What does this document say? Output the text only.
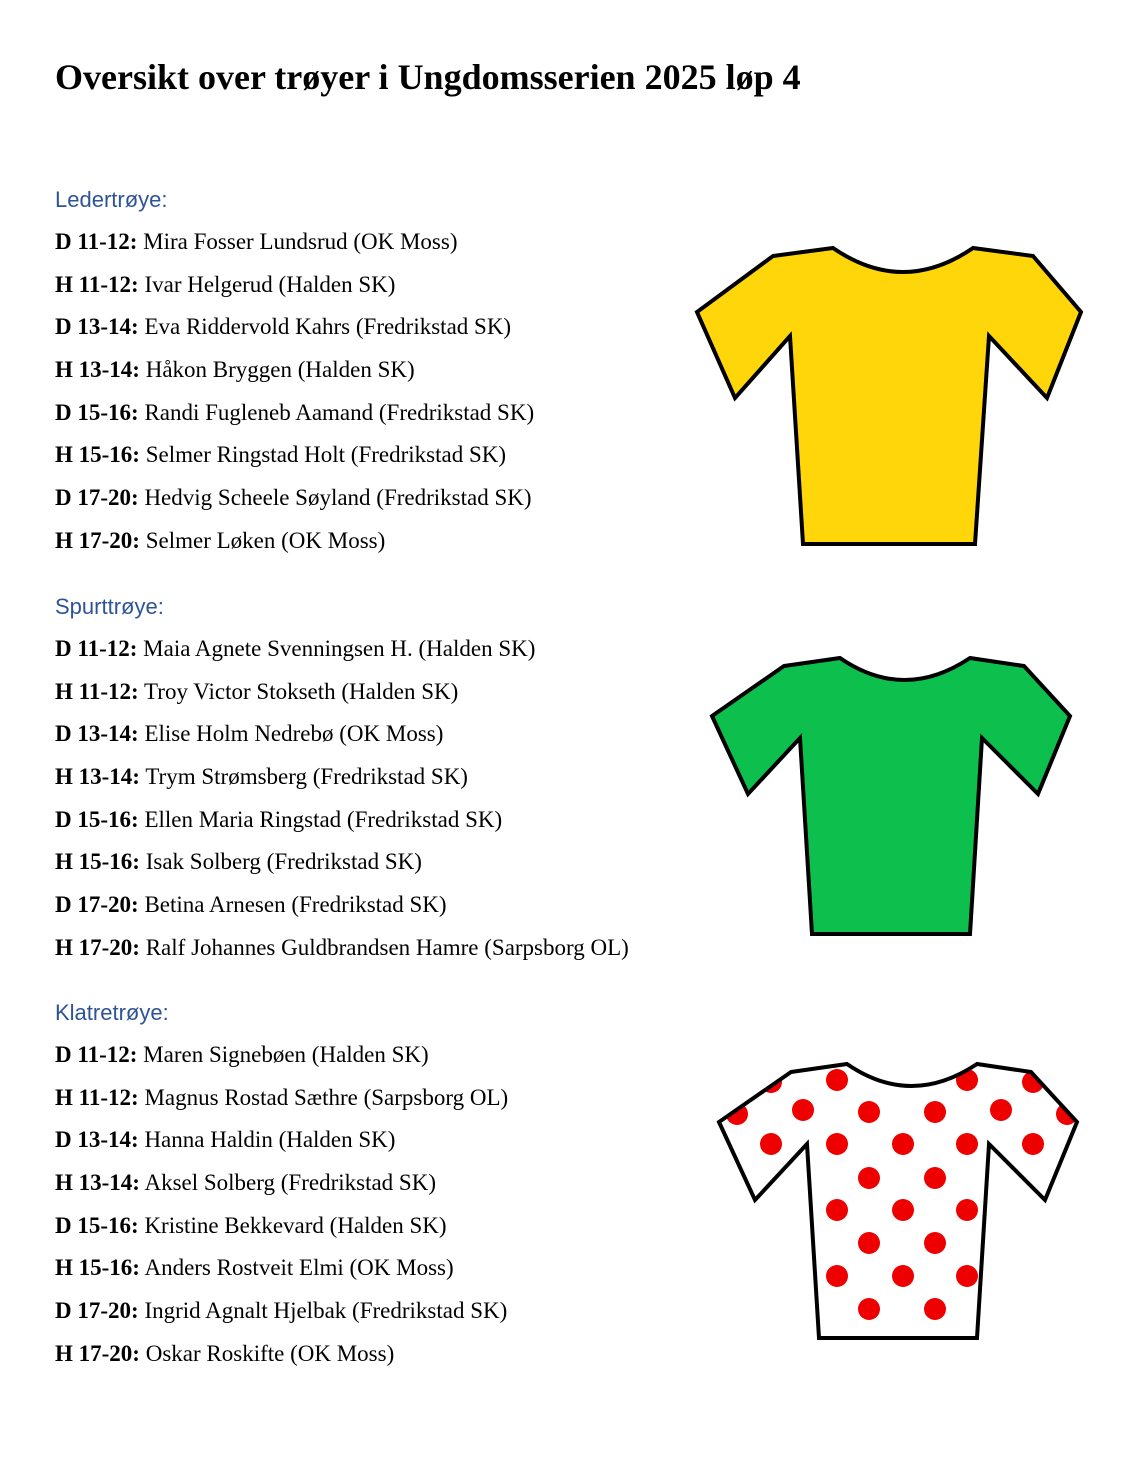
Oversikt over trøyer i Ungdomsserien 2025 løp 4
Ledertrøye:
D 11-12: Mira Fosser Lundsrud (OK Moss)
H 11-12: Ivar Helgerud (Halden SK)
D 13-14: Eva Riddervold Kahrs (Fredrikstad SK)
H 13-14: Håkon Bryggen (Halden SK)
D 15-16: Randi Fugleneb Aamand (Fredrikstad SK)
H 15-16: Selmer Ringstad Holt (Fredrikstad SK)
D 17-20: Hedvig Scheele Søyland (Fredrikstad SK)
H 17-20: Selmer Løken (OK Moss)
Spurttrøye:
D 11-12: Maia Agnete Svenningsen H. (Halden SK)
H 11-12: Troy Victor Stokseth (Halden SK)
D 13-14: Elise Holm Nedrebø (OK Moss)
H 13-14: Trym Strømsberg (Fredrikstad SK)
D 15-16: Ellen Maria Ringstad (Fredrikstad SK)
H 15-16: Isak Solberg (Fredrikstad SK)
D 17-20: Betina Arnesen (Fredrikstad SK)
H 17-20: Ralf Johannes Guldbrandsen Hamre (Sarpsborg OL)
Klatretrøye:
D 11-12: Maren Signebøen (Halden SK)
H 11-12: Magnus Rostad Sæthre (Sarpsborg OL)
D 13-14: Hanna Haldin (Halden SK)
H 13-14: Aksel Solberg (Fredrikstad SK)
D 15-16: Kristine Bekkevard (Halden SK)
H 15-16: Anders Rostveit Elmi (OK Moss)
D 17-20: Ingrid Agnalt Hjelbak (Fredrikstad SK)
H 17-20: Oskar Roskifte (OK Moss)
